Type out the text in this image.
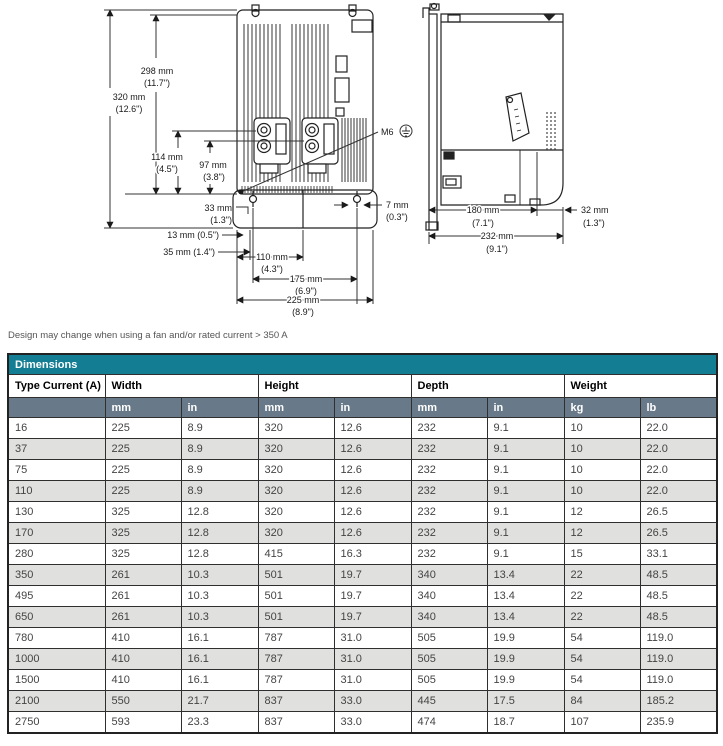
320 mm
(12.6")
298 mm
(11.7")
114 mm
(4.5") 97 mm
(3.8")
33 mm
(1.3")
13 mm (0.5")
35 mm (1.4")	110 mm
(4.3")
175 mm
(6.9")
225 mm
(8.9")
M6
7 mm
(0.3")
180 mm
(7.1")
32 mm
(1.3")
232 mm
(9.1")
Design may change when using a fan and/or rated current > 350 A
Dimensions								
Type Current (A)	Width		Height		Depth		Weight	
	mm	in	mm	in	mm	in	kg	lb
16	225	8.9	320	12.6	232	9.1	10	22.0
37	225	8.9	320	12.6	232	9.1	10	22.0
75	225	8.9	320	12.6	232	9.1	10	22.0
110	225	8.9	320	12.6	232	9.1	10	22.0
130	325	12.8	320	12.6	232	9.1	12	26.5
170	325	12.8	320	12.6	232	9.1	12	26.5
280	325	12.8	415	16.3	232	9.1	15	33.1
350	261	10.3	501	19.7	340	13.4	22	48.5
495	261	10.3	501	19.7	340	13.4	22	48.5
650	261	10.3	501	19.7	340	13.4	22	48.5
780	410	16.1	787	31.0	505	19.9	54	119.0
1000	410	16.1	787	31.0	505	19.9	54	119.0
1500	410	16.1	787	31.0	505	19.9	54	119.0
2100	550	21.7	837	33.0	445	17.5	84	185.2
2750	593	23.3	837	33.0	474	18.7	107	235.9
